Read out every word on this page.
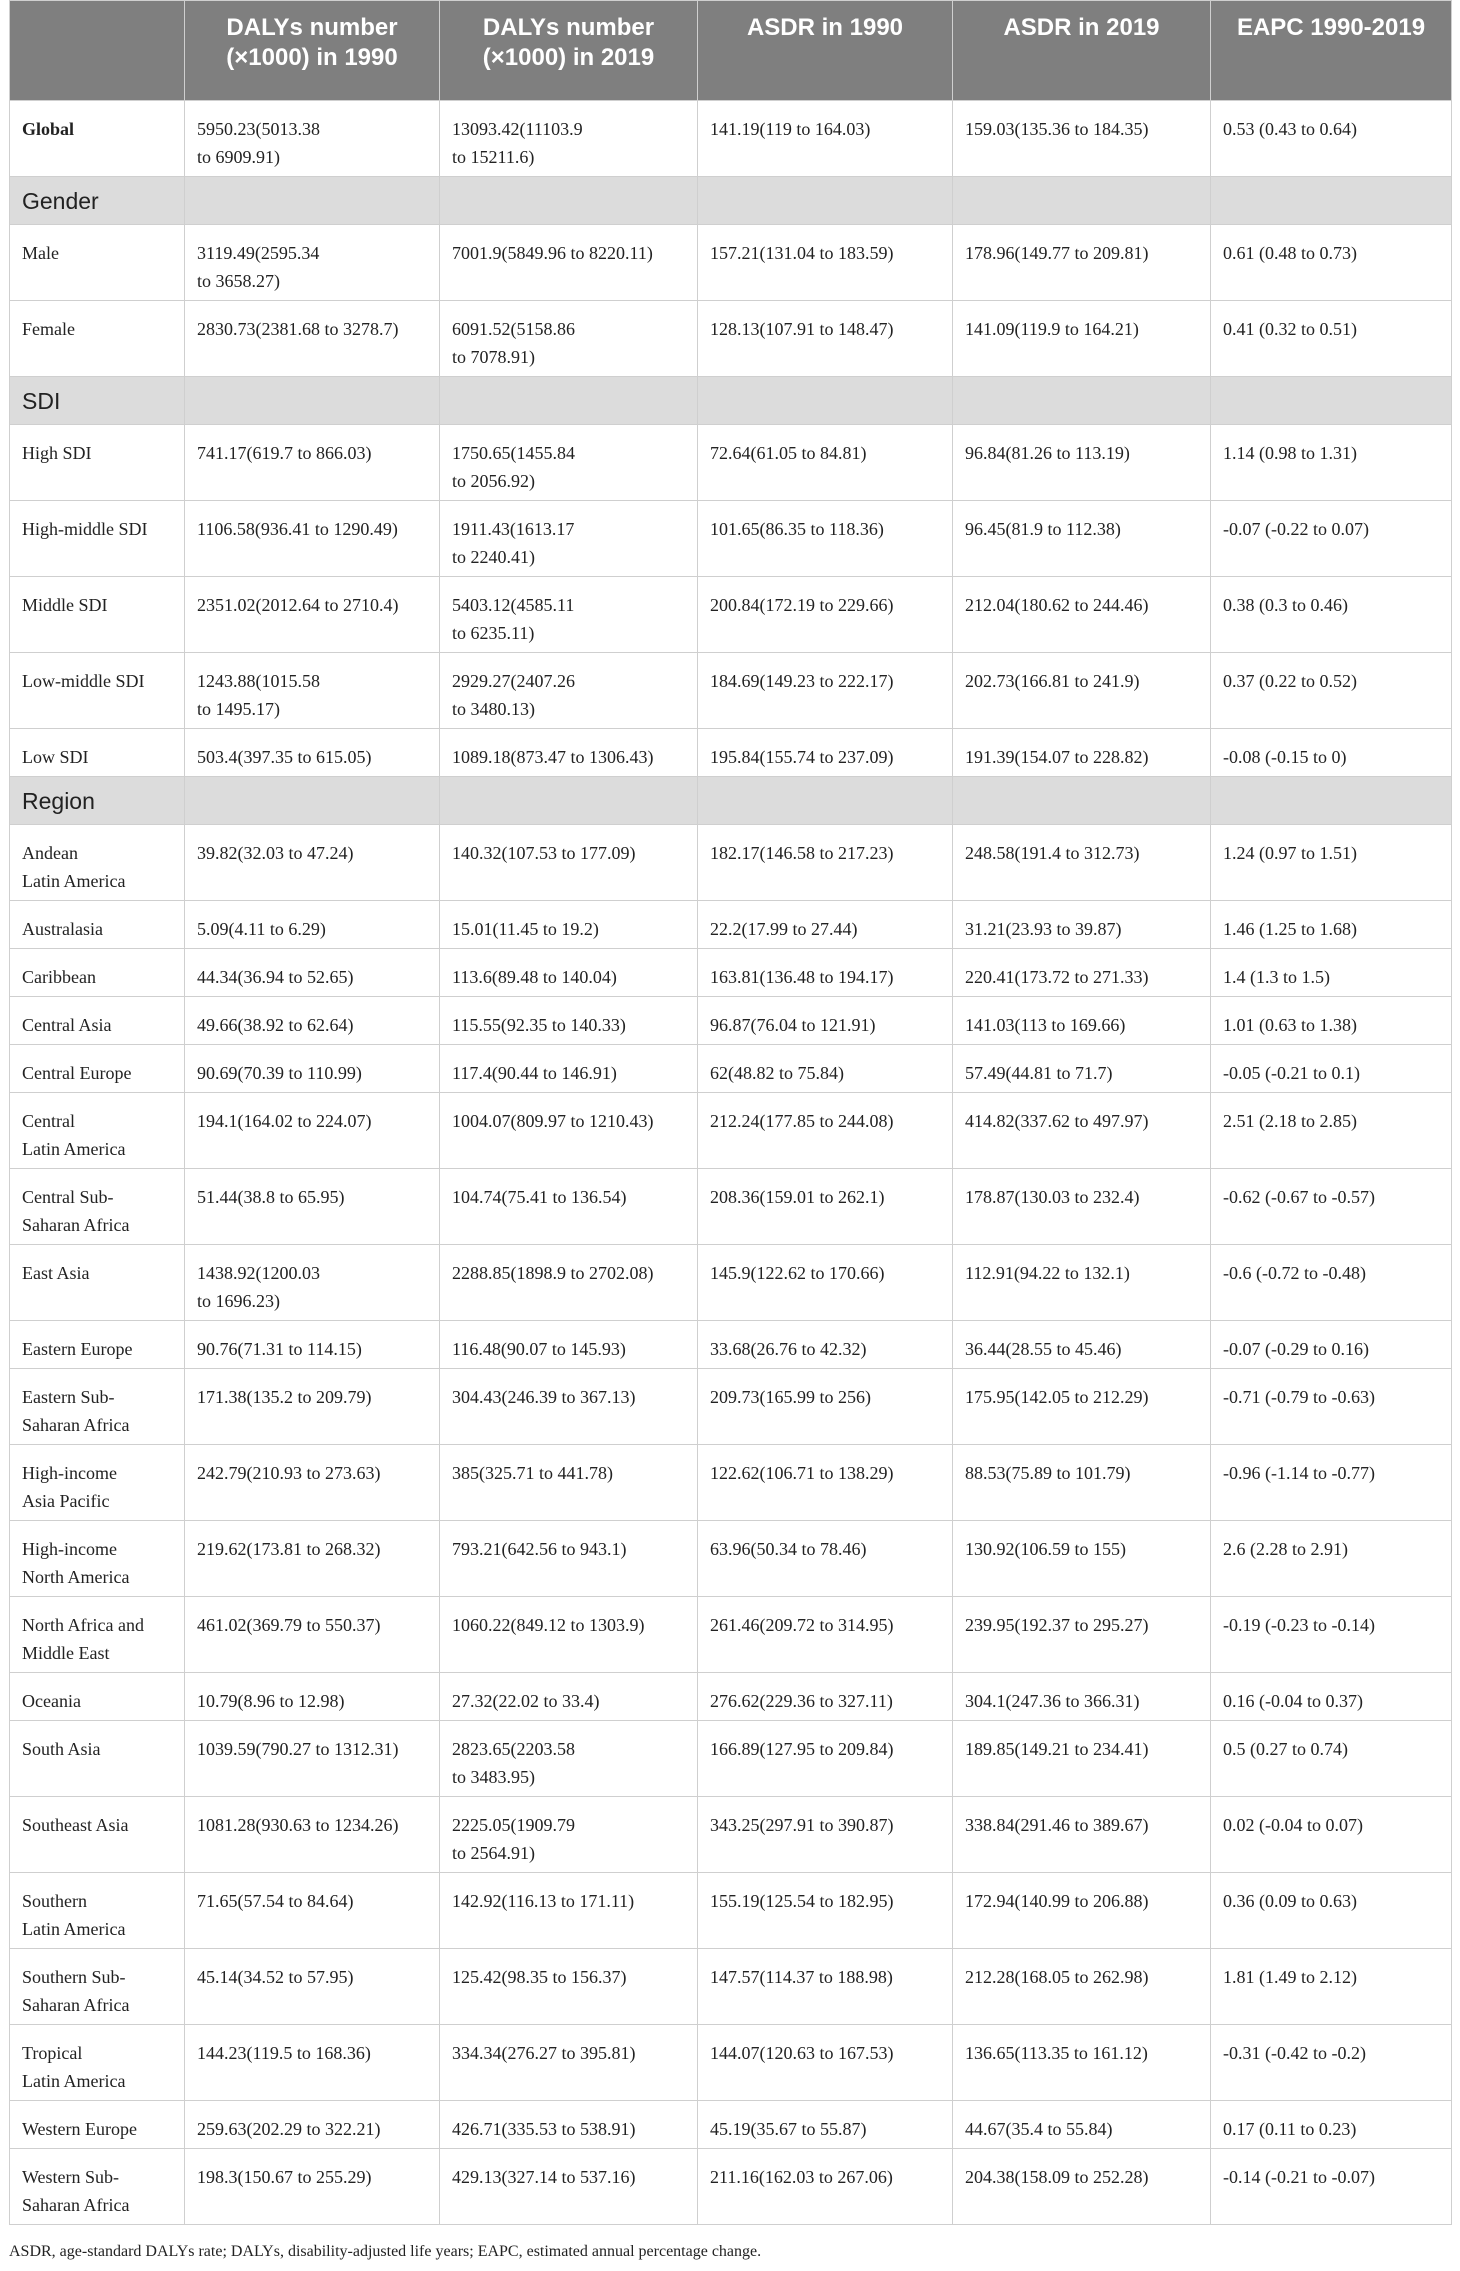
	DALYs number
(×1000) in 1990	DALYs number
(×1000) in 2019	ASDR in 1990	ASDR in 2019	EAPC 1990-2019

Global	5950.23(5013.38
to 6909.91)	13093.42(11103.9
to 15211.6)	141.19(119 to 164.03)	159.03(135.36 to 184.35)	0.53 (0.43 to 0.64)

Gender					

Male	3119.49(2595.34
to 3658.27)	7001.9(5849.96 to 8220.11)	157.21(131.04 to 183.59)	178.96(149.77 to 209.81)	0.61 (0.48 to 0.73)

Female	2830.73(2381.68 to 3278.7)	6091.52(5158.86
to 7078.91)	128.13(107.91 to 148.47)	141.09(119.9 to 164.21)	0.41 (0.32 to 0.51)

SDI					

High SDI	741.17(619.7 to 866.03)	1750.65(1455.84
to 2056.92)	72.64(61.05 to 84.81)	96.84(81.26 to 113.19)	1.14 (0.98 to 1.31)

High-middle SDI	1106.58(936.41 to 1290.49)	1911.43(1613.17
to 2240.41)	101.65(86.35 to 118.36)	96.45(81.9 to 112.38)	-0.07 (-0.22 to 0.07)

Middle SDI	2351.02(2012.64 to 2710.4)	5403.12(4585.11
to 6235.11)	200.84(172.19 to 229.66)	212.04(180.62 to 244.46)	0.38 (0.3 to 0.46)

Low-middle SDI	1243.88(1015.58
to 1495.17)	2929.27(2407.26
to 3480.13)	184.69(149.23 to 222.17)	202.73(166.81 to 241.9)	0.37 (0.22 to 0.52)

Low SDI	503.4(397.35 to 615.05)	1089.18(873.47 to 1306.43)	195.84(155.74 to 237.09)	191.39(154.07 to 228.82)	-0.08 (-0.15 to 0)

Region					

Andean
Latin America	39.82(32.03 to 47.24)	140.32(107.53 to 177.09)	182.17(146.58 to 217.23)	248.58(191.4 to 312.73)	1.24 (0.97 to 1.51)

Australasia	5.09(4.11 to 6.29)	15.01(11.45 to 19.2)	22.2(17.99 to 27.44)	31.21(23.93 to 39.87)	1.46 (1.25 to 1.68)

Caribbean	44.34(36.94 to 52.65)	113.6(89.48 to 140.04)	163.81(136.48 to 194.17)	220.41(173.72 to 271.33)	1.4 (1.3 to 1.5)

Central Asia	49.66(38.92 to 62.64)	115.55(92.35 to 140.33)	96.87(76.04 to 121.91)	141.03(113 to 169.66)	1.01 (0.63 to 1.38)

Central Europe	90.69(70.39 to 110.99)	117.4(90.44 to 146.91)	62(48.82 to 75.84)	57.49(44.81 to 71.7)	-0.05 (-0.21 to 0.1)

Central
Latin America	194.1(164.02 to 224.07)	1004.07(809.97 to 1210.43)	212.24(177.85 to 244.08)	414.82(337.62 to 497.97)	2.51 (2.18 to 2.85)

Central Sub-
Saharan Africa	51.44(38.8 to 65.95)	104.74(75.41 to 136.54)	208.36(159.01 to 262.1)	178.87(130.03 to 232.4)	-0.62 (-0.67 to -0.57)

East Asia	1438.92(1200.03
to 1696.23)	2288.85(1898.9 to 2702.08)	145.9(122.62 to 170.66)	112.91(94.22 to 132.1)	-0.6 (-0.72 to -0.48)

Eastern Europe	90.76(71.31 to 114.15)	116.48(90.07 to 145.93)	33.68(26.76 to 42.32)	36.44(28.55 to 45.46)	-0.07 (-0.29 to 0.16)

Eastern Sub-
Saharan Africa	171.38(135.2 to 209.79)	304.43(246.39 to 367.13)	209.73(165.99 to 256)	175.95(142.05 to 212.29)	-0.71 (-0.79 to -0.63)

High-income
Asia Pacific	242.79(210.93 to 273.63)	385(325.71 to 441.78)	122.62(106.71 to 138.29)	88.53(75.89 to 101.79)	-0.96 (-1.14 to -0.77)

High-income
North America	219.62(173.81 to 268.32)	793.21(642.56 to 943.1)	63.96(50.34 to 78.46)	130.92(106.59 to 155)	2.6 (2.28 to 2.91)

North Africa and
Middle East	461.02(369.79 to 550.37)	1060.22(849.12 to 1303.9)	261.46(209.72 to 314.95)	239.95(192.37 to 295.27)	-0.19 (-0.23 to -0.14)

Oceania	10.79(8.96 to 12.98)	27.32(22.02 to 33.4)	276.62(229.36 to 327.11)	304.1(247.36 to 366.31)	0.16 (-0.04 to 0.37)

South Asia	1039.59(790.27 to 1312.31)	2823.65(2203.58
to 3483.95)	166.89(127.95 to 209.84)	189.85(149.21 to 234.41)	0.5 (0.27 to 0.74)

Southeast Asia	1081.28(930.63 to 1234.26)	2225.05(1909.79
to 2564.91)	343.25(297.91 to 390.87)	338.84(291.46 to 389.67)	0.02 (-0.04 to 0.07)

Southern
Latin America	71.65(57.54 to 84.64)	142.92(116.13 to 171.11)	155.19(125.54 to 182.95)	172.94(140.99 to 206.88)	0.36 (0.09 to 0.63)

Southern Sub-
Saharan Africa	45.14(34.52 to 57.95)	125.42(98.35 to 156.37)	147.57(114.37 to 188.98)	212.28(168.05 to 262.98)	1.81 (1.49 to 2.12)

Tropical
Latin America	144.23(119.5 to 168.36)	334.34(276.27 to 395.81)	144.07(120.63 to 167.53)	136.65(113.35 to 161.12)	-0.31 (-0.42 to -0.2)

Western Europe	259.63(202.29 to 322.21)	426.71(335.53 to 538.91)	45.19(35.67 to 55.87)	44.67(35.4 to 55.84)	0.17 (0.11 to 0.23)

Western Sub-
Saharan Africa	198.3(150.67 to 255.29)	429.13(327.14 to 537.16)	211.16(162.03 to 267.06)	204.38(158.09 to 252.28)	-0.14 (-0.21 to -0.07)
ASDR, age-standard DALYs rate; DALYs, disability-adjusted life years; EAPC, estimated annual percentage change.
